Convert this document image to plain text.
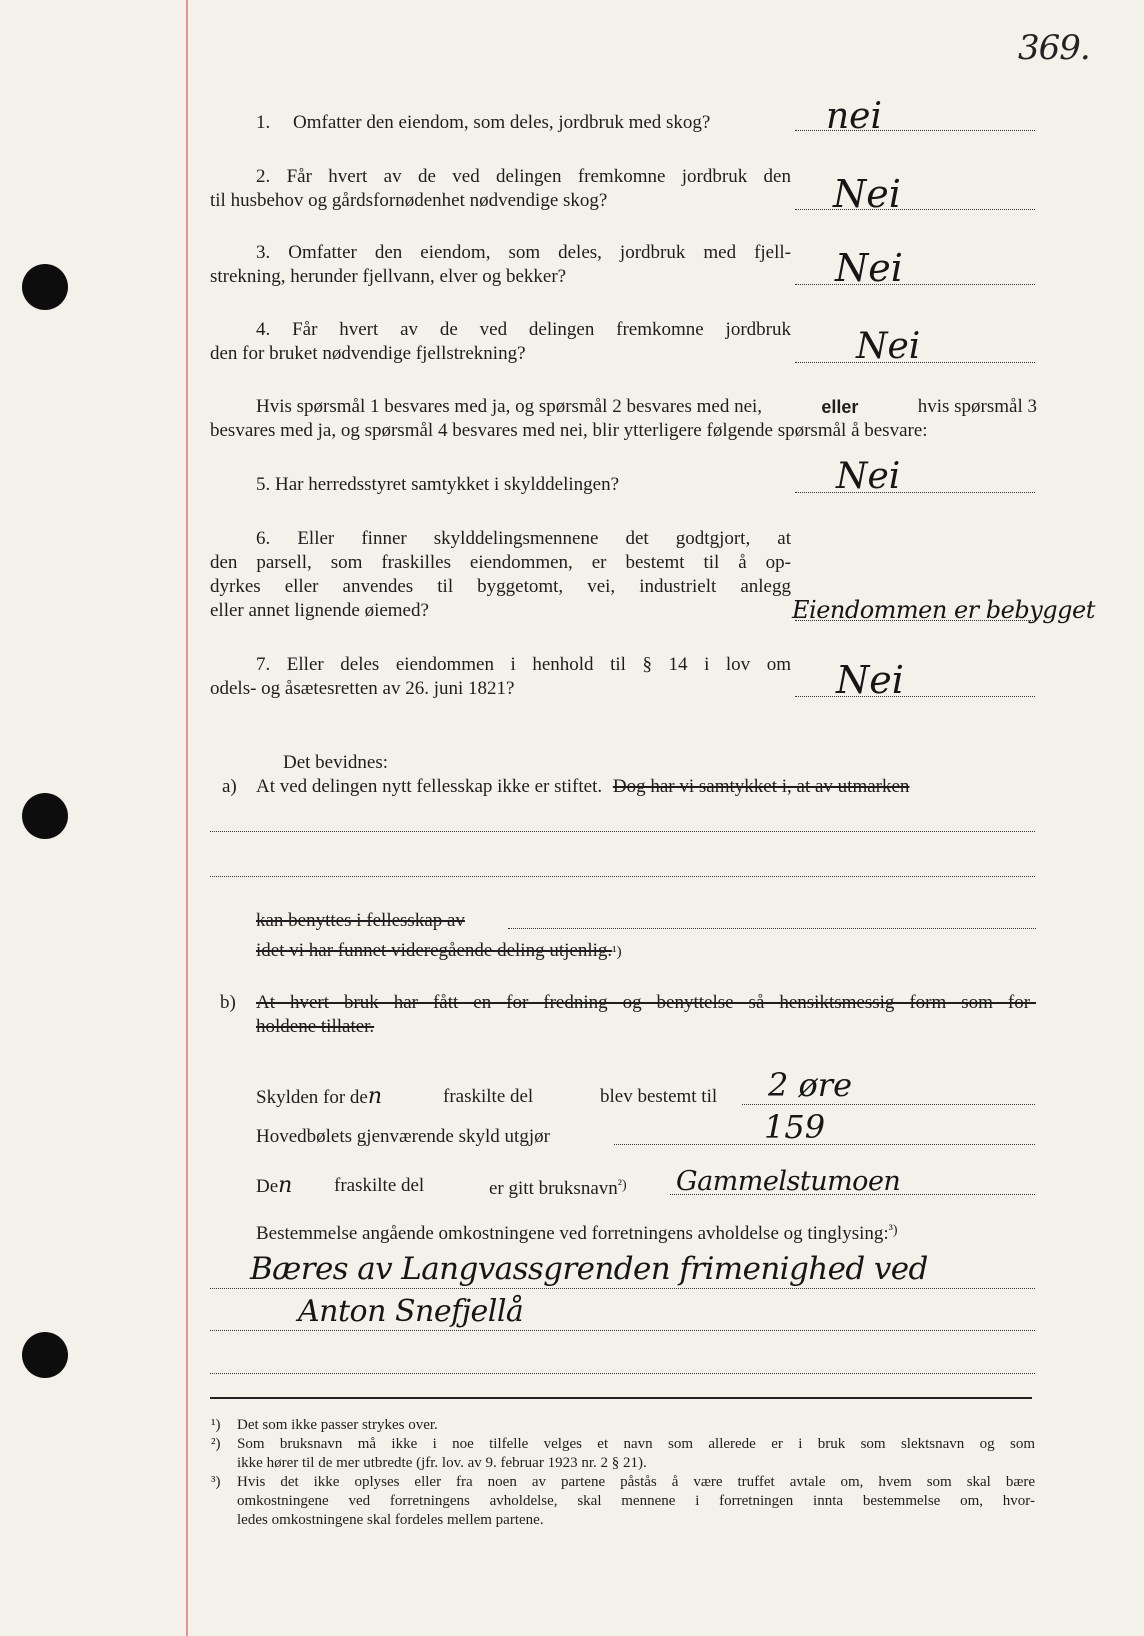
369.
1. Omfatter den eiendom, som deles, jordbruk med skog?	nei
2. Får hvert av de ved delingen fremkomne jordbruk den
til husbehov og gårdsfornødenhet nødvendige skog?	Nei
3. Omfatter den eiendom, som deles, jordbruk med fjell-
strekning, herunder fjellvann, elver og bekker?	Nei
4. Får hvert av de ved delingen fremkomne jordbruk
den for bruket nødvendige fjellstrekning?	Nei
Hvis spørsmål 1 besvares med ja, og spørsmål 2 besvares med nei,	eller	hvis spørsmål 3
besvares med ja, og spørsmål 4 besvares med nei, blir ytterligere følgende spørsmål å besvare:
5. Har herredsstyret samtykket i skylddelingen?	Nei
6. Eller finner skylddelingsmennene det godtgjort, at
den parsell, som fraskilles eiendommen, er bestemt til å op-
dyrkes eller anvendes til byggetomt, vei, industrielt anlegg
eller annet lignende øiemed?	Eiendommen er bebygget
7. Eller deles eiendommen i henhold til § 14 i lov om
odels- og åsætesretten av 26. juni 1821?	Nei
Det bevidnes:
a) At ved delingen nytt fellesskap ikke er stiftet. Dog har vi samtykket i, at av utmarken
kan benyttes i fellesskap av
idet vi har funnet videregående deling utjenlig.¹)
b) At hvert bruk har fått en for fredning og benyttelse så hensiktsmessig form som for-
holdene tillater.
Skylden for den	fraskilte del	blev bestemt til 2 øre
Hovedbølets gjenværende skyld utgjør	159
Den fraskilte del	er gitt bruksnavn$^{^2)}$ Gammelstumoen
Bestemmelse angående omkostningene ved forretningens avholdelse og tinglysing:$^{^3)}$
Bæres av Langvassgrenden frimenighed ved
Anton Snefjellå
¹) Det som ikke passer strykes over.
²) Som bruksnavn må ikke i noe tilfelle velges et navn som allerede er i bruk som slektsnavn og som
ikke hører til de mer utbredte (jfr. lov. av 9. februar 1923 nr. 2 § 21).
³) Hvis det ikke oplyses eller fra noen av partene påstås å være truffet avtale om, hvem som skal bære
omkostningene ved forretningens avholdelse, skal mennene i forretningen innta bestemmelse om, hvor-
ledes omkostningene skal fordeles mellem partene.
